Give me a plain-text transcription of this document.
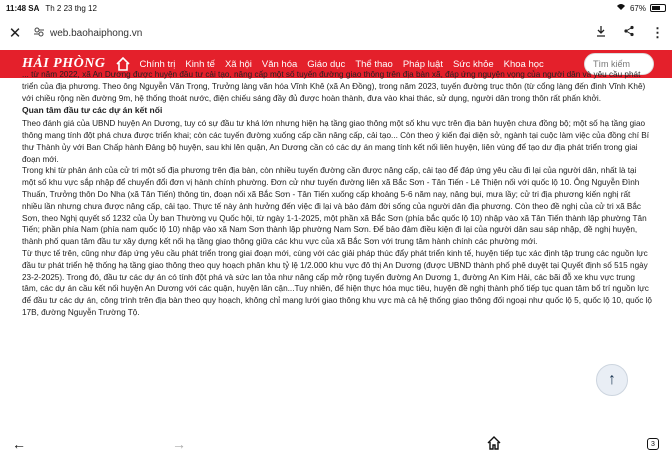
11:48 SA Th 2 23 thg 12	67%
✕	web.baohaiphong.vn	⋮
HẢI PHÒNG	Chính trị Kinh tế Xã hội Văn hóa Giáo dục Thể thao Pháp luật Sức khỏe Khoa học	Tìm kiếm

... từ năm 2022, xã An Dương được huyện đầu tư cải tạo, nâng cấp một số tuyến đường giao thông trên địa bàn xã, đáp ứng nguyện vọng của người dân và yêu cầu phát triển của địa phương. Theo ông Nguyễn Văn Trọng, Trưởng làng văn hóa Vĩnh Khê (xã An Đồng), trong năm 2023, tuyến đường trục thôn (từ cổng làng đến đình Vĩnh Khê) với chiều rộng nền đường 9m, hệ thống thoát nước, điện chiếu sáng đầy đủ được hoàn thành, đưa vào khai thác, sử dụng, người dân trong thôn rất phấn khởi.

Quan tâm đầu tư các dự án kết nối

Theo đánh giá của UBND huyện An Dương, tuy có sự đầu tư khá lớn nhưng hiện hạ tầng giao thông một số khu vực trên địa bàn huyện chưa đồng bộ; một số hạ tầng giao thông mang tính đột phá chưa được triển khai; còn các tuyến đường xuống cấp cần nâng cấp, cải tạo... Còn theo ý kiến đại diện sở, ngành tại cuộc làm việc của đồng chí Bí thư Thành ủy với Ban Chấp hành Đảng bộ huyện, sau khi lên quận, An Dương cần có các dự án mang tính kết nối liên huyện, liên vùng để tạo dư địa phát triển trong giai đoạn mới.

Trong khi từ phản ánh của cử tri một số địa phương trên địa bàn, còn nhiều tuyến đường cần được nâng cấp, cải tạo để đáp ứng yêu cầu đi lại của người dân, nhất là tại một số khu vực sắp nhập để chuyển đổi đơn vị hành chính phường. Đơn cử như tuyến đường liên xã Bắc Sơn - Tân Tiến - Lê Thiện nối với quốc lộ 10. Ông Nguyễn Đình Thuấn, Trưởng thôn Do Nha (xã Tân Tiến) thông tin, đoạn nối xã Bắc Sơn - Tân Tiến xuống cấp khoảng 5-6 năm nay, nâng bụi, mưa lầy; cử tri địa phương kiến nghị rất nhiều lần nhưng chưa được nâng cấp, cải tạo. Thực tế này ảnh hưởng đến việc đi lại và bảo đảm đời sống của người dân địa phương. Còn theo đề nghị của cử tri xã Bắc Sơn, theo Nghị quyết số 1232 của Ủy ban Thường vụ Quốc hội, từ ngày 1-1-2025, một phần xã Bắc Sơn (phía bắc quốc lộ 10) nhập vào xã Tân Tiến thành lập phường Tân Tiến; phần phía Nam (phía nam quốc lộ 10) nhập vào xã Nam Sơn thành lập phường Nam Sơn. Để bảo đảm điều kiện đi lại của người dân sau sáp nhập, đề nghị huyện, thành phố quan tâm đầu tư xây dựng kết nối hạ tầng giao thông giữa các khu vực của xã Bắc Sơn với trung tâm hành chính các phường mới.

Từ thực tế trên, cũng như đáp ứng yêu cầu phát triển trong giai đoạn mới, cùng với các giải pháp thúc đẩy phát triển kinh tế, huyện tiếp tục xác định tập trung các nguồn lực đầu tư phát triển hệ thống hạ tầng giao thông theo quy hoạch phân khu tỷ lệ 1/2.000 khu vực đô thị An Dương (được UBND thành phố phê duyệt tại Quyết định số 515 ngày 23-2-2025). Trong đó, đầu tư các dự án có tính đột phá và sức lan tỏa như nâng cấp mở rộng tuyến đường An Dương 1, đường An Kim Hải, các bãi đỗ xe khu vực trung tâm, các dự án cầu kết nối huyện An Dương với các quận, huyện lân cận...Tuy nhiên, để hiện thực hóa mục tiêu, huyện đề nghị thành phố tiếp tục quan tâm bố trí nguồn lực để đầu tư các dự án, công trình trên địa bàn theo quy hoạch, không chỉ mang lưới giao thông khu vực mà cả hệ thống giao thông đối ngoại như quốc lộ 5, quốc lộ 10, quốc lộ 17B, đường Nguyễn Trường Tộ.

↑
←	→	3
